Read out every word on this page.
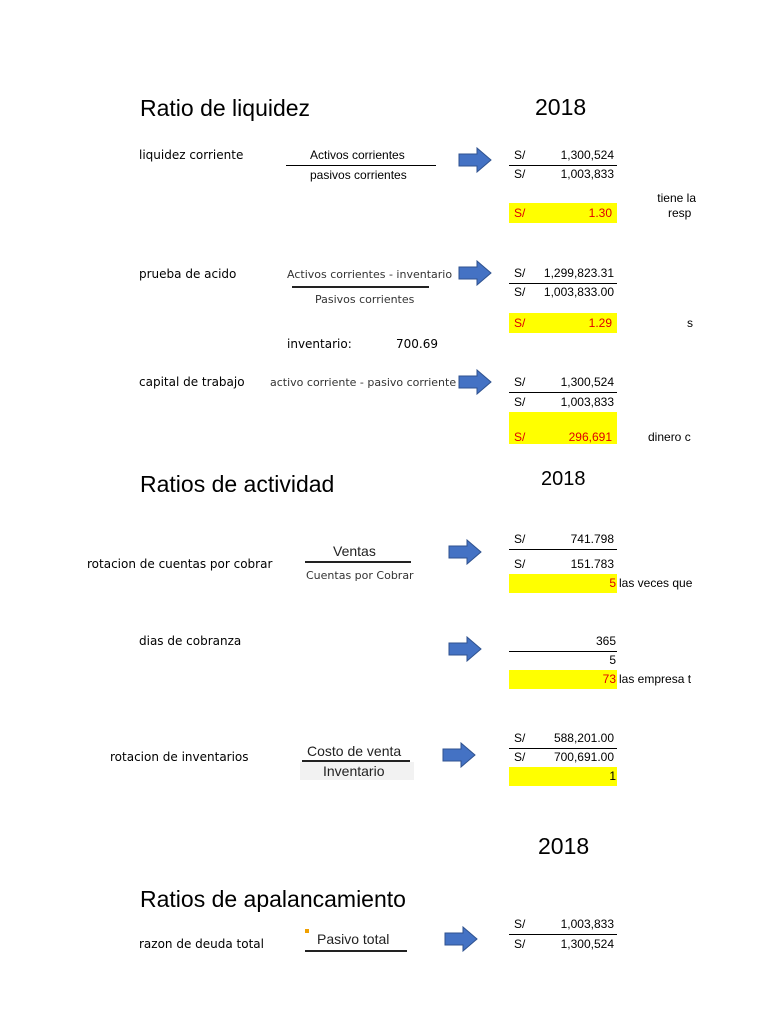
Ratio de liquidez	2018
liquidez corriente	Activos corrientes
pasivos corrientes
S/	1,300,524
S/	1,003,833
S/	1.30
tiene la
resp
prueba de acido	Activos corrientes - inventario
Pasivos corrientes
S/	1,299,823.31
S/	1,003,833.00
S/	1.29	s
inventario:	700.69
capital de trabajo activo corriente - pasivo corriente	S/	1,300,524
S/	1,003,833
S/	296,691	dinero c
Ratios de actividad	2018
rotacion de cuentas por cobrar
Ventas
Cuentas por Cobrar
S/	741.798
S/	151.783
5 las veces que
dias de cobranza	365
5
73 las empresa t
rotacion de inventarios	Costo de venta
Inventario
S/	588,201.00
S/	700,691.00
1
2018
Ratios de apalancamiento
razon de deuda total	Pasivo total
S/	1,003,833
S/	1,300,524
